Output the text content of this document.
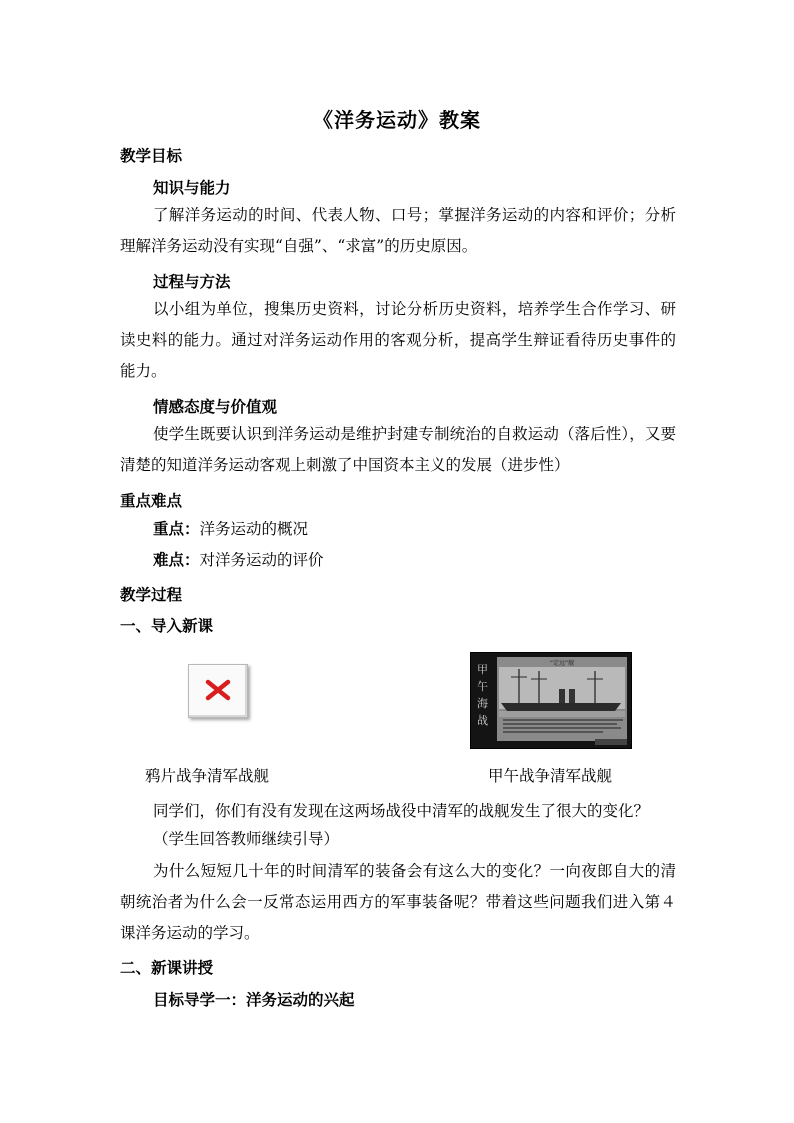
《洋务运动》教案
教学目标
知识与能力
了解洋务运动的时间、代表人物、口号；掌握洋务运动的内容和评价；分析理解洋务运动没有实现“自强”、“求富”的历史原因。
过程与方法
以小组为单位，搜集历史资料，讨论分析历史资料，培养学生合作学习、研读史料的能力。通过对洋务运动作用的客观分析，提高学生辩证看待历史事件的能力。
情感态度与价值观
使学生既要认识到洋务运动是维护封建专制统治的自救运动（落后性），又要清楚的知道洋务运动客观上刺激了中国资本主义的发展（进步性）
重点难点
重点：洋务运动的概况
难点：对洋务运动的评价
教学过程
一、导入新课
甲
午
海
战
“定远”舰
鸦片战争清军战舰	甲午战争清军战舰
同学们，你们有没有发现在这两场战役中清军的战舰发生了很大的变化？
（学生回答教师继续引导）
为什么短短几十年的时间清军的装备会有这么大的变化？一向夜郎自大的清朝统治者为什么会一反常态运用西方的军事装备呢？带着这些问题我们进入第４课洋务运动的学习。
二、新课讲授
目标导学一：洋务运动的兴起
